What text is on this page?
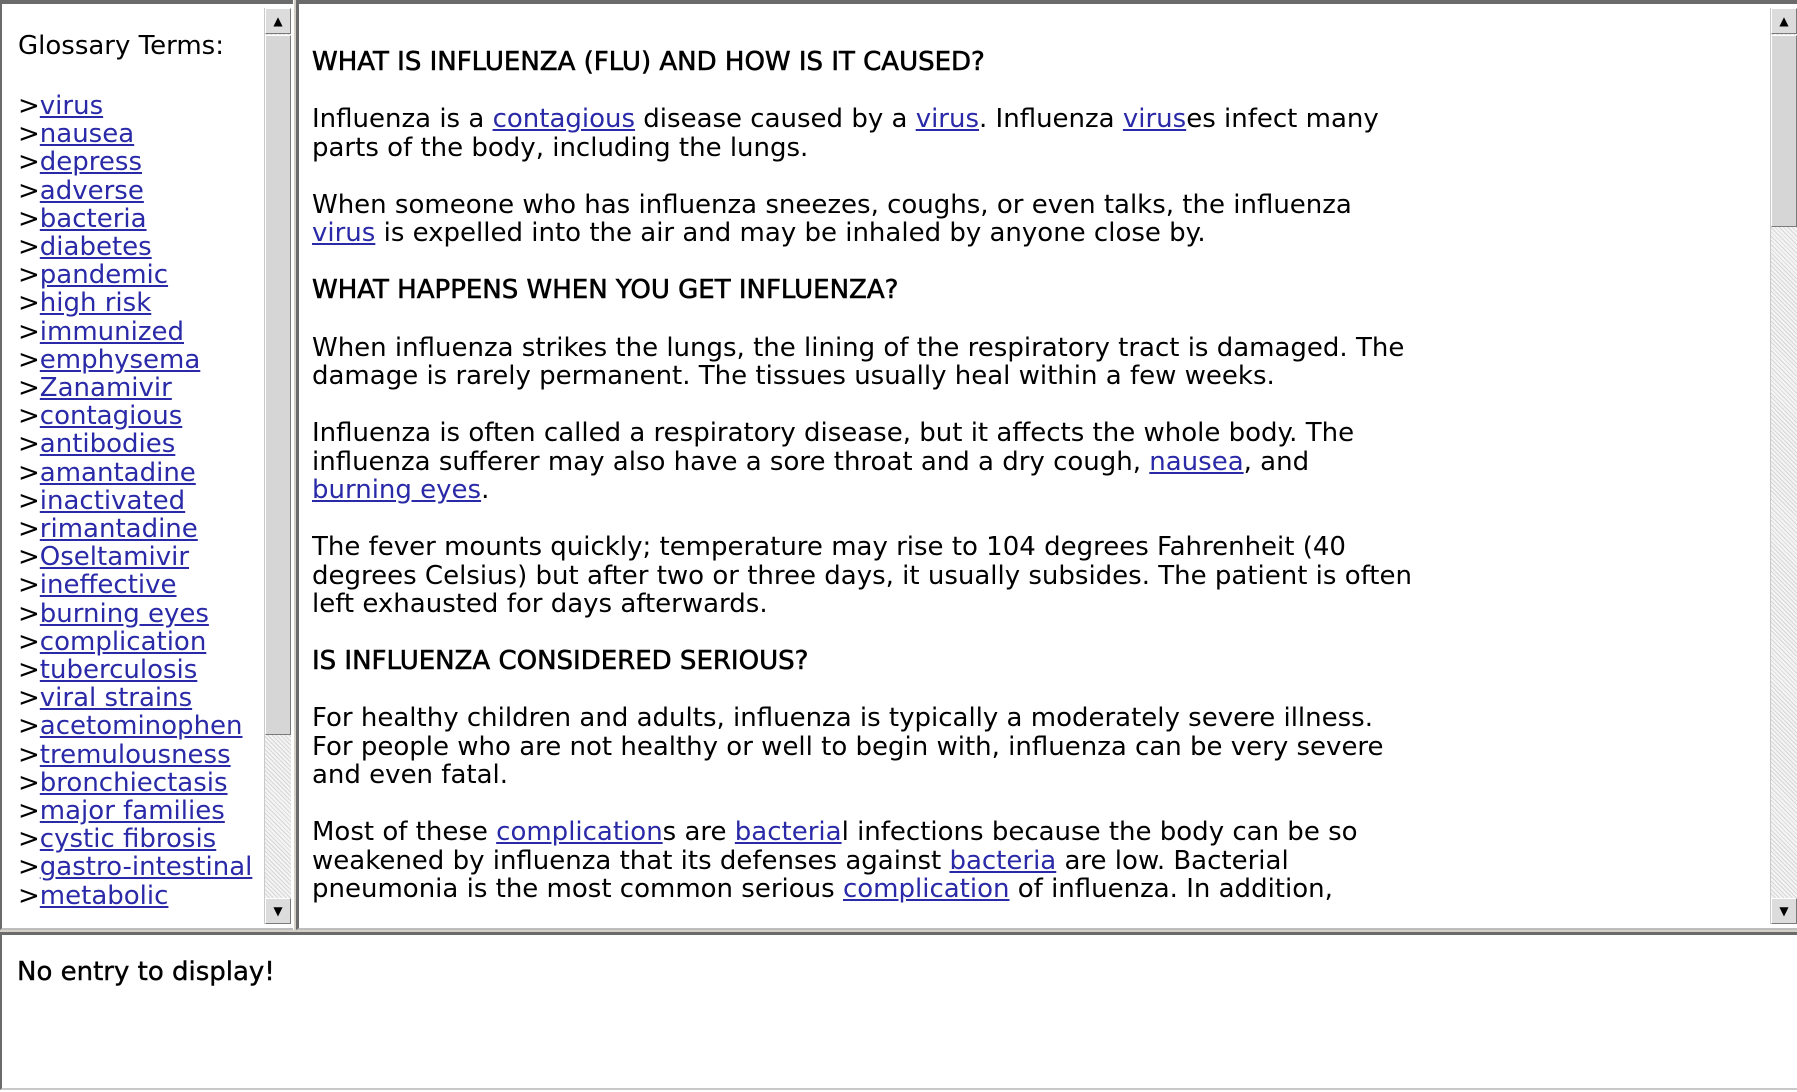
Glossary Terms:
>virus
>nausea
>depress
>adverse
>bacteria
>diabetes
>pandemic
>high risk
>immunized
>emphysema
>Zanamivir
>contagious
>antibodies
>amantadine
>inactivated
>rimantadine
>Oseltamivir
>ineffective
>burning eyes
>complication
>tuberculosis
>viral strains
>acetominophen
>tremulousness
>bronchiectasis
>major families
>cystic fibrosis
>gastro-intestinal
>metabolic
▲
▼
WHAT IS INFLUENZA (FLU) AND HOW IS IT CAUSED?

Influenza is a contagious disease caused by a virus. Influenza viruses infect many parts of the body, including the lungs.

When someone who has influenza sneezes, coughs, or even talks, the influenza virus is expelled into the air and may be inhaled by anyone close by.

WHAT HAPPENS WHEN YOU GET INFLUENZA?

When influenza strikes the lungs, the lining of the respiratory tract is damaged. The damage is rarely permanent. The tissues usually heal within a few weeks.

Influenza is often called a respiratory disease, but it affects the whole body. The influenza sufferer may also have a sore throat and a dry cough, nausea, and burning eyes.

The fever mounts quickly; temperature may rise to 104 degrees Fahrenheit (40 degrees Celsius) but after two or three days, it usually subsides. The patient is often left exhausted for days afterwards.

IS INFLUENZA CONSIDERED SERIOUS?

For healthy children and adults, influenza is typically a moderately severe illness. For people who are not healthy or well to begin with, influenza can be very severe and even fatal.

Most of these complications are bacterial infections because the body can be so weakened by influenza that its defenses against bacteria are low. Bacterial pneumonia is the most common serious complication of influenza. In addition,

▲
▼
No entry to display!
